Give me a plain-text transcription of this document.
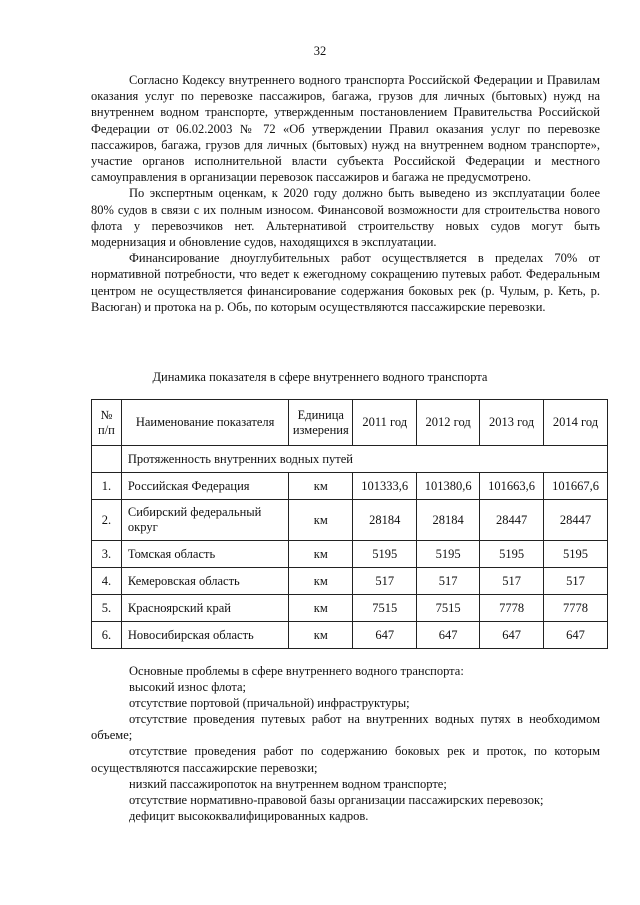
32

Согласно Кодексу внутреннего водного транспорта Российской Федерации и Правилам оказания услуг по перевозке пассажиров, багажа, грузов для личных (бытовых) нужд на внутреннем водном транспорте, утвержденным постановлением Правительства Российской Федерации от 06.02.2003 № 72 «Об утверждении Правил оказания услуг по перевозке пассажиров, багажа, грузов для личных (бытовых) нужд на внутреннем водном транспорте», участие органов исполнительной власти субъекта Российской Федерации и местного самоуправления в организации перевозок пассажиров и багажа не предусмотрено.

По экспертным оценкам, к 2020 году должно быть выведено из эксплуатации более 80% судов в связи с их полным износом. Финансовой возможности для строительства нового флота у перевозчиков нет. Альтернативой строительству новых судов могут быть модернизация и обновление судов, находящихся в эксплуатации.

Финансирование дноуглубительных работ осуществляется в пределах 70% от нормативной потребности, что ведет к ежегодному сокращению путевых работ. Федеральным центром не осуществляется финансирование содержания боковых рек (р. Чулым, р. Кеть, р. Васюган) и протока на р. Обь, по которым осуществляются пассажирские перевозки.

Динамика показателя в сфере внутреннего водного транспорта
№ п/п	Наименование показателя	Единица измерения	2011 год	2012 год	2013 год	2014 год
	Протяженность внутренних водных путей					
1.	Российская Федерация	км	101333,6	101380,6	101663,6	101667,6
2.	Сибирский федеральный округ	км	28184	28184	28447	28447
3.	Томская область	км	5195	5195	5195	5195
4.	Кемеровская область	км	517	517	517	517
5.	Красноярский край	км	7515	7515	7778	7778
6.	Новосибирская область	км	647	647	647	647

Основные проблемы в сфере внутреннего водного транспорта:

высокий износ флота;

отсутствие портовой (причальной) инфраструктуры;

отсутствие проведения путевых работ на внутренних водных путях в необходимом объеме;

отсутствие проведения работ по содержанию боковых рек и проток, по которым осуществляются пассажирские перевозки;

низкий пассажиропоток на внутреннем водном транспорте;

отсутствие нормативно-правовой базы организации пассажирских перевозок;

дефицит высококвалифицированных кадров.
